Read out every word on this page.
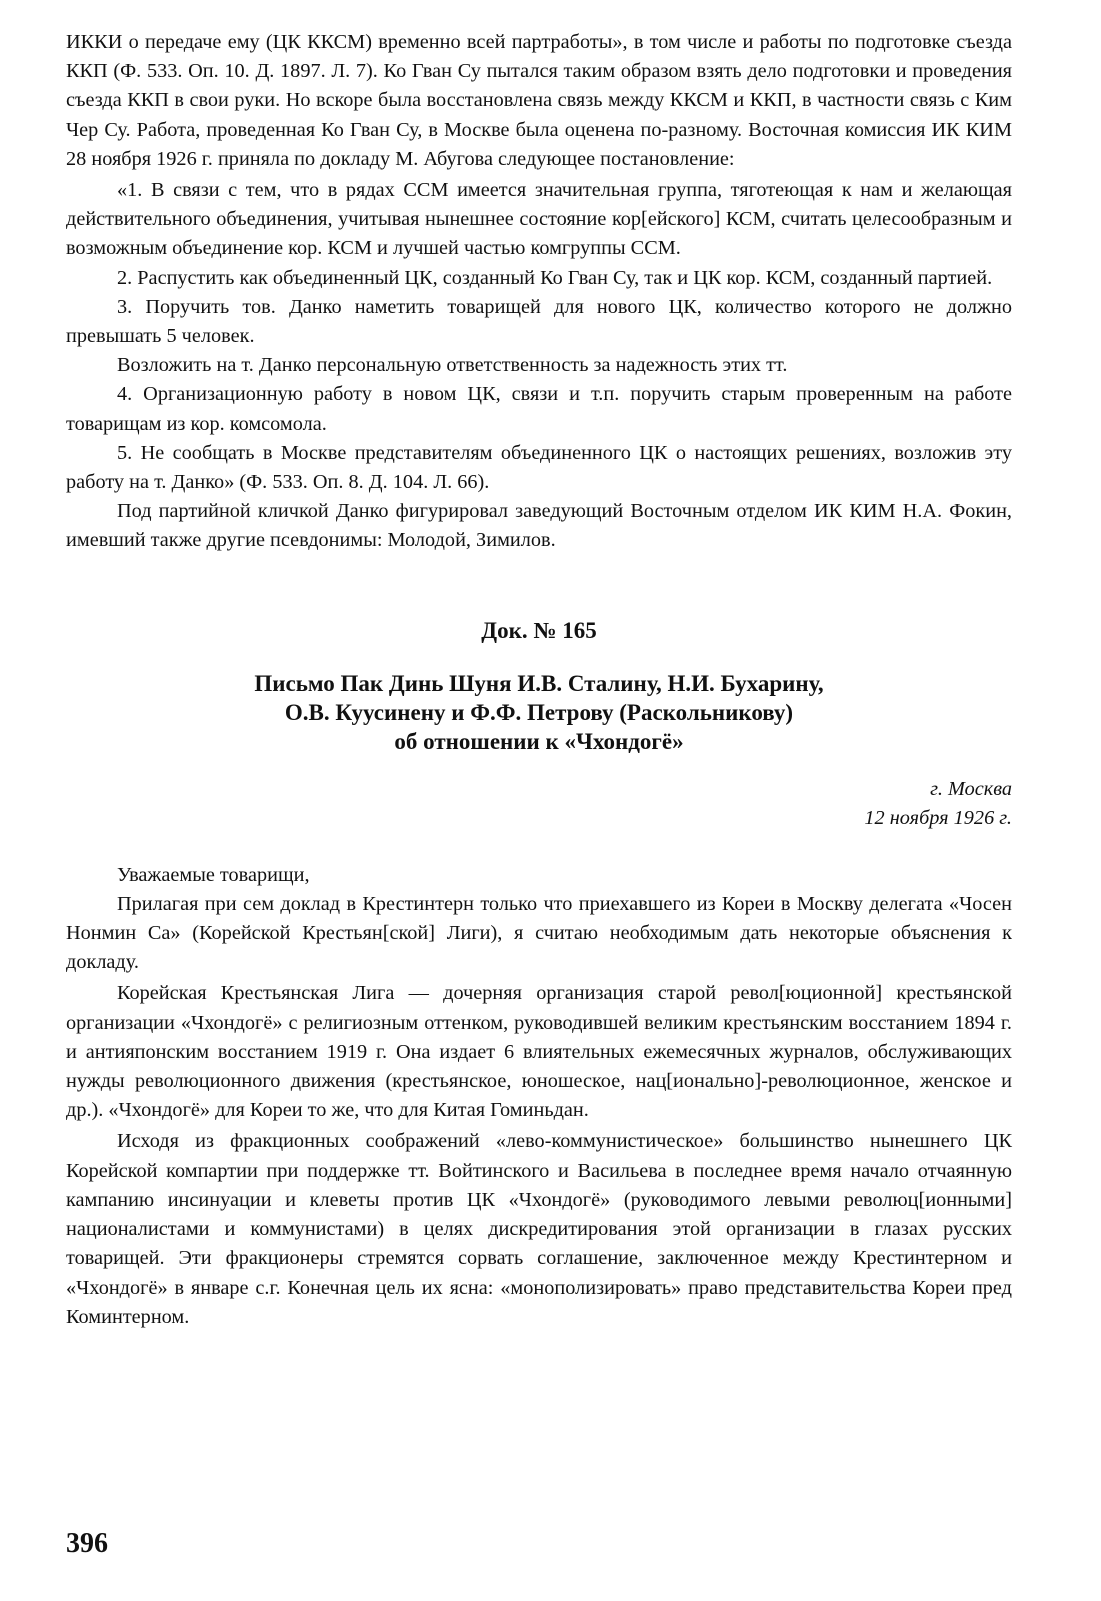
ИККИ о передаче ему (ЦК ККСМ) временно всей партработы», в том числе и работы по подготовке съезда ККП (Ф. 533. Оп. 10. Д. 1897. Л. 7). Ко Гван Су пытался таким образом взять дело подготовки и проведения съезда ККП в свои руки. Но вскоре была восстановлена связь между ККСМ и ККП, в частности связь с Ким Чер Су. Работа, проведенная Ко Гван Су, в Москве была оценена по-разному. Восточная комиссия ИК КИМ 28 ноября 1926 г. приняла по докладу М. Абугова следующее постановление:

«1. В связи с тем, что в рядах ССМ имеется значительная группа, тяготеющая к нам и желающая действительного объединения, учитывая нынешнее состояние кор[ейского] КСМ, считать целесообразным и возможным объединение кор. КСМ и лучшей частью комгруппы ССМ.

2. Распустить как объединенный ЦК, созданный Ко Гван Су, так и ЦК кор. КСМ, созданный партией.

3. Поручить тов. Данко наметить товарищей для нового ЦК, количество которого не должно превышать 5 человек.

Возложить на т. Данко персональную ответственность за надежность этих тт.

4. Организационную работу в новом ЦК, связи и т.п. поручить старым проверенным на работе товарищам из кор. комсомола.

5. Не сообщать в Москве представителям объединенного ЦК о настоящих решениях, возложив эту работу на т. Данко» (Ф. 533. Оп. 8. Д. 104. Л. 66).

Под партийной кличкой Данко фигурировал заведующий Восточным отделом ИК КИМ Н.А. Фокин, имевший также другие псевдонимы: Молодой, Зимилов.

Док. № 165
Письмо Пак Динь Шуня И.В. Сталину, Н.И. Бухарину,
О.В. Куусинену и Ф.Ф. Петрову (Раскольникову)
об отношении к «Чхондогё»
г. Москва
12 ноября 1926 г.

Уважаемые товарищи,

Прилагая при сем доклад в Крестинтерн только что приехавшего из Кореи в Москву делегата «Чосен Нонмин Са» (Корейской Крестьян[ской] Лиги), я считаю необходимым дать некоторые объяснения к докладу.

Корейская Крестьянская Лига — дочерняя организация старой револ[юционной] крестьянской организации «Чхондогё» с религиозным оттенком, руководившей великим крестьянским восстанием 1894 г. и антияпонским восстанием 1919 г. Она издает 6 влиятельных ежемесячных журналов, обслуживающих нужды революционного движения (крестьянское, юношеское, нац[ионально]-революционное, женское и др.). «Чхондогё» для Кореи то же, что для Китая Гоминьдан.

Исходя из фракционных соображений «лево-коммунистическое» большинство нынешнего ЦК Корейской компартии при поддержке тт. Войтинского и Васильева в последнее время начало отчаянную кампанию инсинуации и клеветы против ЦК «Чхондогё» (руководимого левыми революц[ионными] националистами и коммунистами) в целях дискредитирования этой организации в глазах русских товарищей. Эти фракционеры стремятся сорвать соглашение, заключенное между Крестинтерном и «Чхондогё» в январе с.г. Конечная цель их ясна: «монополизировать» право представительства Кореи пред Коминтерном.

396
